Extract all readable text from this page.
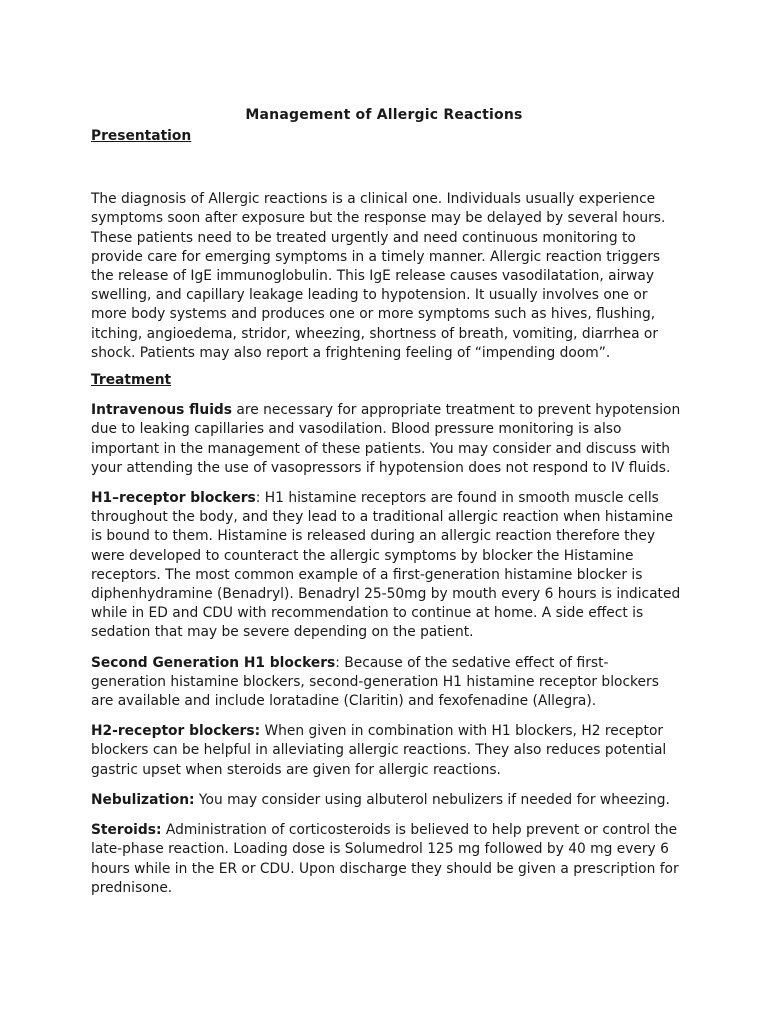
Management of Allergic Reactions

Presentation

The diagnosis of Allergic reactions is a clinical one. Individuals usually experience symptoms soon after exposure but the response may be delayed by several hours. These patients need to be treated urgently and need continuous monitoring to provide care for emerging symptoms in a timely manner. Allergic reaction triggers the release of IgE immunoglobulin. This IgE release causes vasodilatation, airway swelling, and capillary leakage leading to hypotension. It usually involves one or more body systems and produces one or more symptoms such as hives, flushing, itching, angioedema, stridor, wheezing, shortness of breath, vomiting, diarrhea or shock. Patients may also report a frightening feeling of “impending doom”.

Treatment

Intravenous fluids are necessary for appropriate treatment to prevent hypotension due to leaking capillaries and vasodilation. Blood pressure monitoring is also important in the management of these patients. You may consider and discuss with your attending the use of vasopressors if hypotension does not respond to IV fluids.

H1–receptor blockers: H1 histamine receptors are found in smooth muscle cells throughout the body, and they lead to a traditional allergic reaction when histamine is bound to them. Histamine is released during an allergic reaction therefore they were developed to counteract the allergic symptoms by blocker the Histamine receptors. The most common example of a first-generation histamine blocker is diphenhydramine (Benadryl). Benadryl 25-50mg by mouth every 6 hours is indicated while in ED and CDU with recommendation to continue at home. A side effect is sedation that may be severe depending on the patient.

Second Generation H1 blockers: Because of the sedative effect of first-generation histamine blockers, second-generation H1 histamine receptor blockers are available and include loratadine (Claritin) and fexofenadine (Allegra).

H2-receptor blockers: When given in combination with H1 blockers, H2 receptor blockers can be helpful in alleviating allergic reactions. They also reduces potential gastric upset when steroids are given for allergic reactions.

Nebulization: You may consider using albuterol nebulizers if needed for wheezing.

Steroids: Administration of corticosteroids is believed to help prevent or control the late-phase reaction. Loading dose is Solumedrol 125 mg followed by 40 mg every 6 hours while in the ER or CDU. Upon discharge they should be given a prescription for prednisone.
